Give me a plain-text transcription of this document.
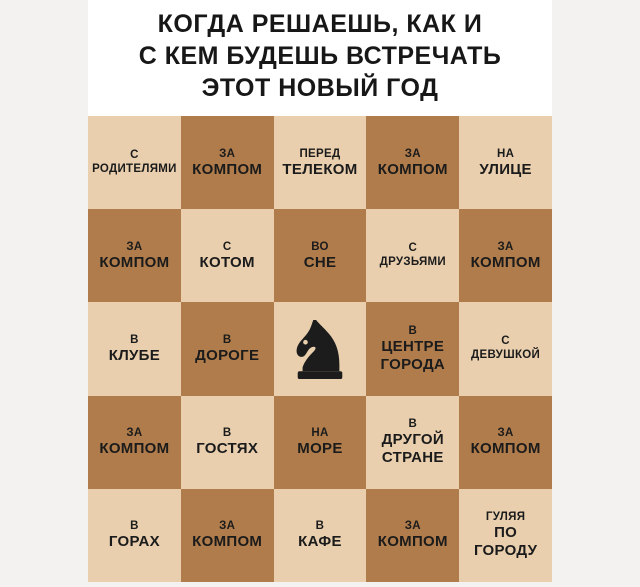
КОГДА РЕШАЕШЬ, КАК И
С КЕМ БУДЕШЬ ВСТРЕЧАТЬ
ЭТОТ НОВЫЙ ГОД
С
РОДИТЕЛЯМИ
ЗА
КОМПОМ
ПЕРЕД
ТЕЛЕКОМ
ЗА
КОМПОМ
НА
УЛИЦЕ
ЗА
КОМПОМ
С
КОТОМ
ВО
СНЕ
С
ДРУЗЬЯМИ
ЗА
КОМПОМ
В
КЛУБЕ
В
ДОРОГЕ
В
ЦЕНТРЕ ГОРОДА
С
ДЕВУШКОЙ
ЗА
КОМПОМ
В
ГОСТЯХ
НА
МОРЕ
В
ДРУГОЙ СТРАНЕ
ЗА
КОМПОМ
В
ГОРАХ
ЗА
КОМПОМ
В
КАФЕ
ЗА
КОМПОМ
ГУЛЯЯ
ПО ГОРОДУ
